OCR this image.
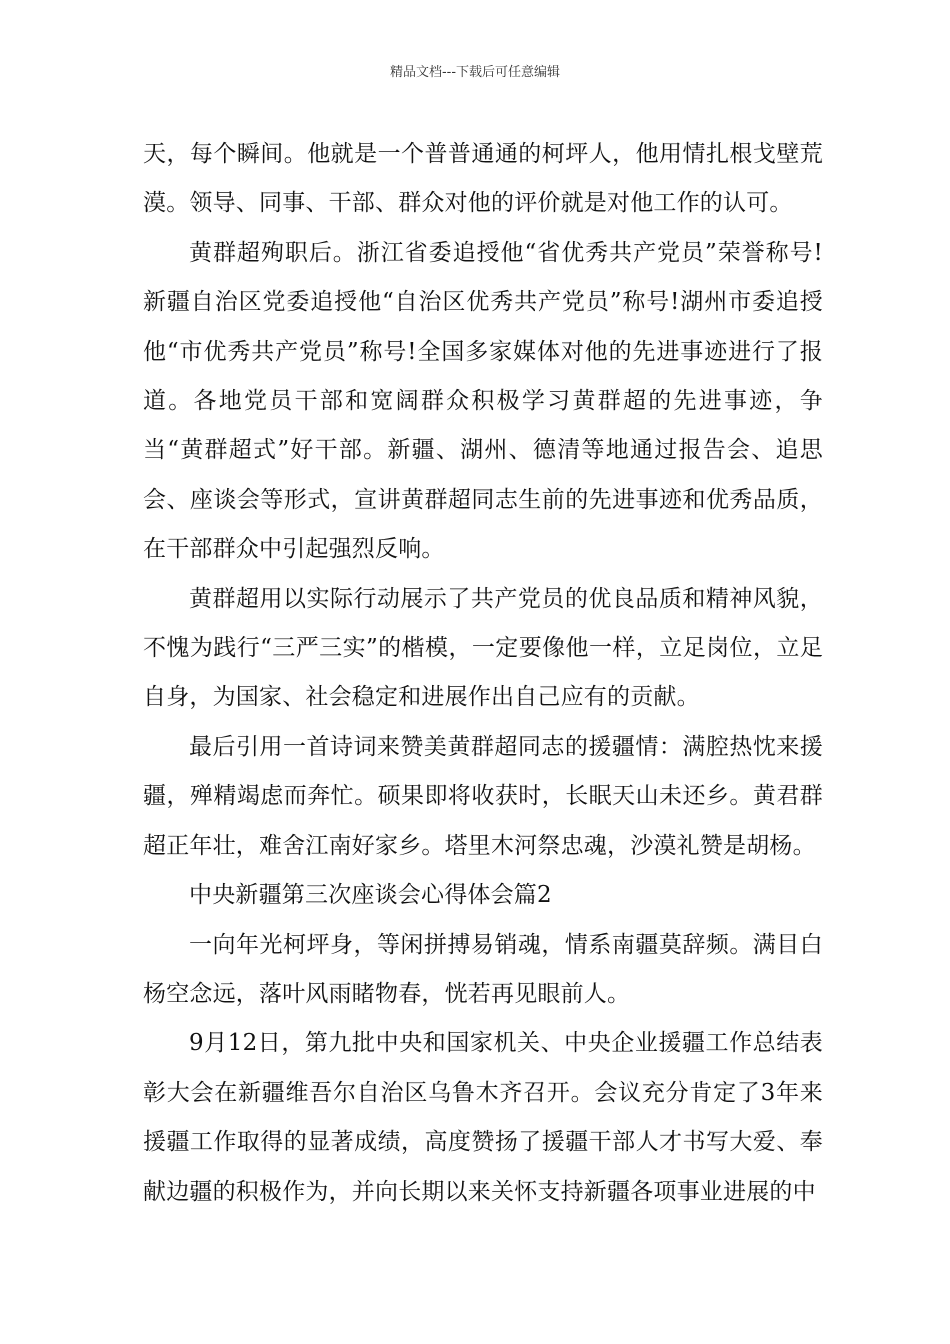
精品文档---下载后可任意编辑

天，每个瞬间。他就是一个普普通通的柯坪人，他用情扎根戈壁荒漠。领导、同事、干部、群众对他的评价就是对他工作的认可。

黄群超殉职后。浙江省委追授他“省优秀共产党员”荣誉称号!新疆自治区党委追授他“自治区优秀共产党员”称号!湖州市委追授他“市优秀共产党员”称号!全国多家媒体对他的先进事迹进行了报道。各地党员干部和宽阔群众积极学习黄群超的先进事迹，争当“黄群超式”好干部。新疆、湖州、德清等地通过报告会、追思会、座谈会等形式，宣讲黄群超同志生前的先进事迹和优秀品质，在干部群众中引起强烈反响。

黄群超用以实际行动展示了共产党员的优良品质和精神风貌，不愧为践行“三严三实”的楷模，一定要像他一样，立足岗位，立足自身，为国家、社会稳定和进展作出自己应有的贡献。

最后引用一首诗词来赞美黄群超同志的援疆情：满腔热忱来援疆，殚精竭虑而奔忙。硕果即将收获时，长眠天山未还乡。黄君群超正年壮，难舍江南好家乡。塔里木河祭忠魂，沙漠礼赞是胡杨。

中央新疆第三次座谈会心得体会篇2

一向年光柯坪身，等闲拼搏易销魂，情系南疆莫辞频。满目白杨空念远，落叶风雨睹物春，恍若再见眼前人。

9月12日，第九批中央和国家机关、中央企业援疆工作总结表彰大会在新疆维吾尔自治区乌鲁木齐召开。会议充分肯定了3年来援疆工作取得的显著成绩，高度赞扬了援疆干部人才书写大爱、奉献边疆的积极作为，并向长期以来关怀支持新疆各项事业进展的中
